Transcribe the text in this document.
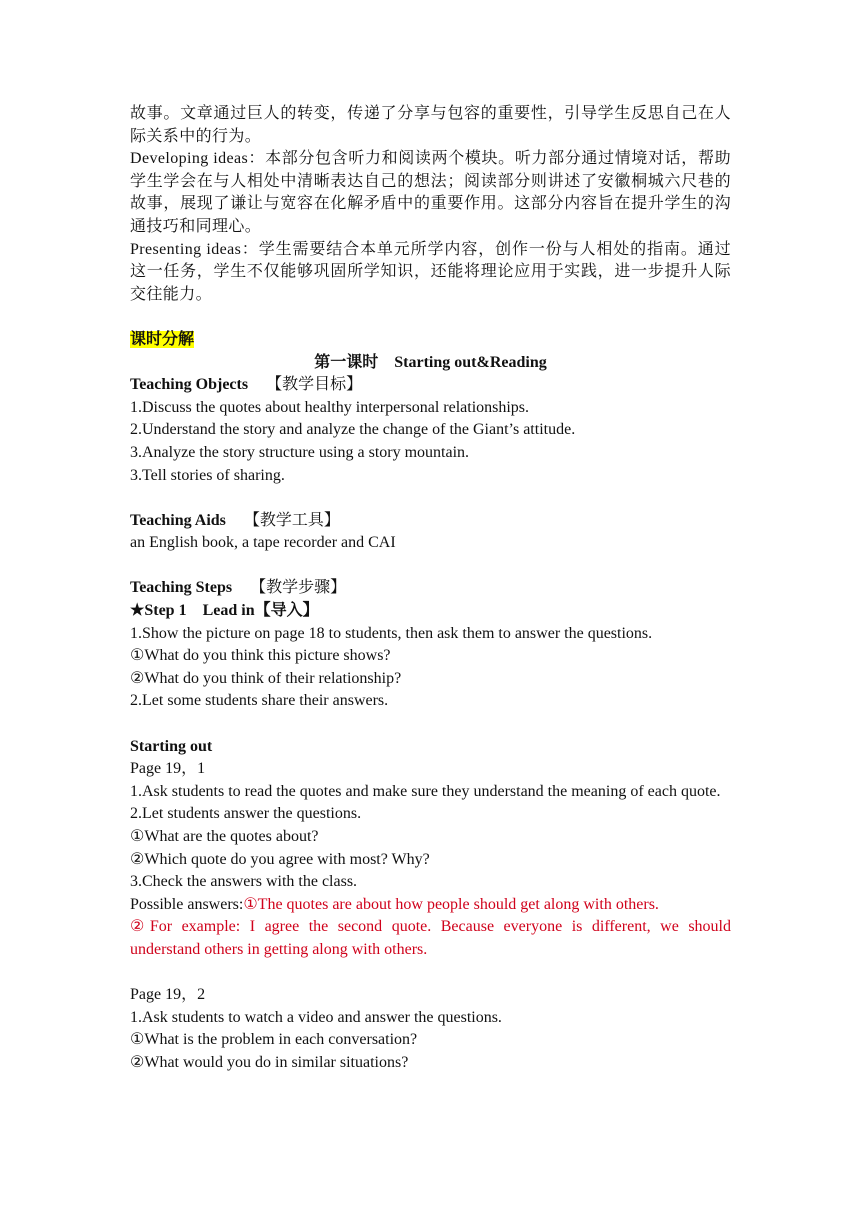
故事。文章通过巨人的转变，传递了分享与包容的重要性，引导学生反思自己在人际关系中的行为。

Developing ideas：本部分包含听力和阅读两个模块。听力部分通过情境对话，帮助学生学会在与人相处中清晰表达自己的想法；阅读部分则讲述了安徽桐城六尺巷的故事，展现了谦让与宽容在化解矛盾中的重要作用。这部分内容旨在提升学生的沟通技巧和同理心。

Presenting ideas：学生需要结合本单元所学内容，创作一份与人相处的指南。通过这一任务，学生不仅能够巩固所学知识，还能将理论应用于实践，进一步提升人际交往能力。

课时分解

第一课时　Starting out&Reading

Teaching Objects 【教学目标】

1.Discuss the quotes about healthy interpersonal relationships.

2.Understand the story and analyze the change of the Giant’s attitude.

3.Analyze the story structure using a story mountain.

3.Tell stories of sharing.

Teaching Aids 【教学工具】

an English book, a tape recorder and CAI

Teaching Steps 【教学步骤】

★Step 1　Lead in【导入】

1.Show the picture on page 18 to students, then ask them to answer the questions.

①What do you think this picture shows?

②What do you think of their relationship?

2.Let some students share their answers.

Starting out

Page 19，1

1.Ask students to read the quotes and make sure they understand the meaning of each quote.

2.Let students answer the questions.

①What are the quotes about?

②Which quote do you agree with most? Why?

3.Check the answers with the class.

Possible answers:①The quotes are about how people should get along with others.

②For example: I agree the second quote. Because everyone is different, we should understand others in getting along with others.

Page 19，2

1.Ask students to watch a video and answer the questions.

①What is the problem in each conversation?

②What would you do in similar situations?
